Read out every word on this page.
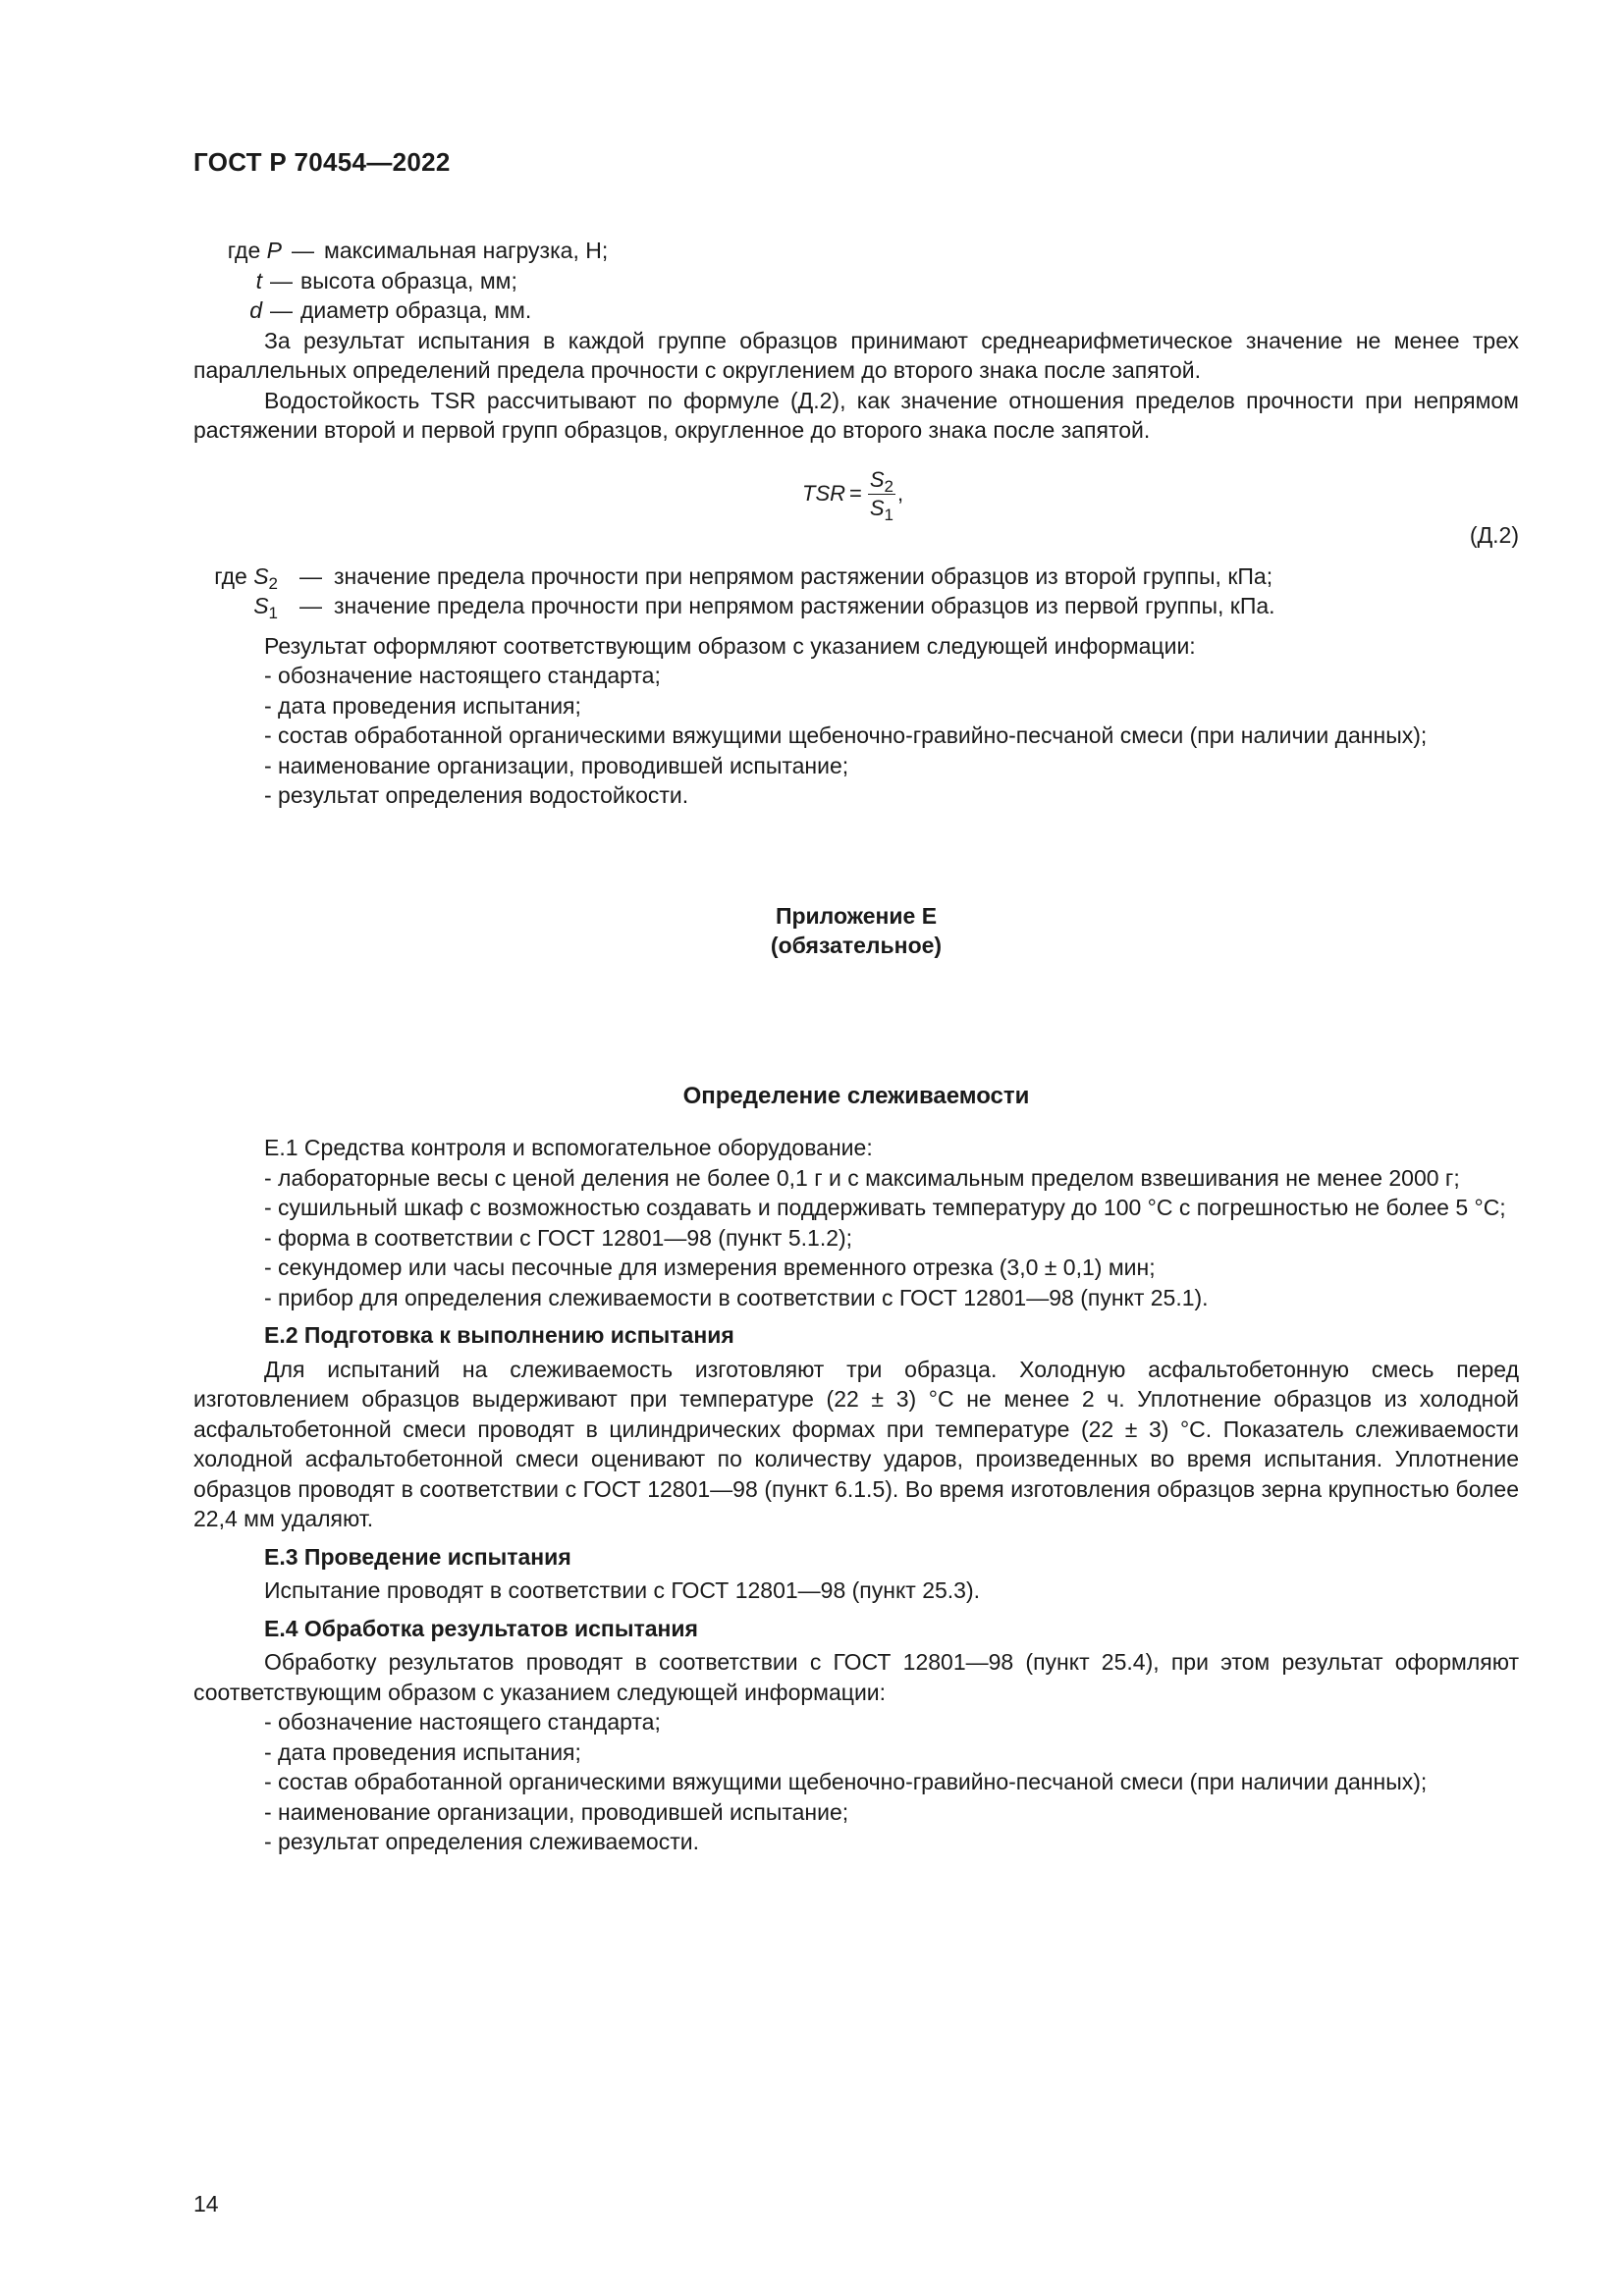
ГОСТ Р 70454—2022
где P — максимальная нагрузка, Н;
t — высота образца, мм;
d — диаметр образца, мм.

За результат испытания в каждой группе образцов принимают среднеарифметическое значение не менее трех параллельных определений предела прочности с округлением до второго знака после запятой.

Водостойкость TSR рассчитывают по формуле (Д.2), как значение отношения пределов прочности при непрямом растяжении второй и первой групп образцов, округленное до второго знака после запятой.

TSR = $\frac{S_2}{S_1}$ ,
(Д.2)
где $S_2$ — значение предела прочности при непрямом растяжении образцов из второй группы, кПа;
$S_1$ — значение предела прочности при непрямом растяжении образцов из первой группы, кПа.

Результат оформляют соответствующим образом с указанием следующей информации:

- обозначение настоящего стандарта;

- дата проведения испытания;

- состав обработанной органическими вяжущими щебеночно-гравийно-песчаной смеси (при наличии данных);

- наименование организации, проводившей испытание;

- результат определения водостойкости.

Приложение Е
(обязательное)
Определение слеживаемости

Е.1 Средства контроля и вспомогательное оборудование:

- лабораторные весы с ценой деления не более 0,1 г и с максимальным пределом взвешивания не менее 2000 г;

- сушильный шкаф с возможностью создавать и поддерживать температуру до 100 °С с погрешностью не более 5 °С;

- форма в соответствии с ГОСТ 12801—98 (пункт 5.1.2);

- секундомер или часы песочные для измерения временного отрезка (3,0 ± 0,1) мин;

- прибор для определения слеживаемости в соответствии с ГОСТ 12801—98 (пункт 25.1).

Е.2 Подготовка к выполнению испытания

Для испытаний на слеживаемость изготовляют три образца. Холодную асфальтобетонную смесь перед изготовлением образцов выдерживают при температуре (22 ± 3) °С не менее 2 ч. Уплотнение образцов из холодной асфальтобетонной смеси проводят в цилиндрических формах при температуре (22 ± 3) °С. Показатель слеживаемости холодной асфальтобетонной смеси оценивают по количеству ударов, произведенных во время испытания. Уплотнение образцов проводят в соответствии с ГОСТ 12801—98 (пункт 6.1.5). Во время изготовления образцов зерна крупностью более 22,4 мм удаляют.

Е.3 Проведение испытания

Испытание проводят в соответствии с ГОСТ 12801—98 (пункт 25.3).

Е.4 Обработка результатов испытания

Обработку результатов проводят в соответствии с ГОСТ 12801—98 (пункт 25.4), при этом результат оформляют соответствующим образом с указанием следующей информации:

- обозначение настоящего стандарта;

- дата проведения испытания;

- состав обработанной органическими вяжущими щебеночно-гравийно-песчаной смеси (при наличии данных);

- наименование организации, проводившей испытание;

- результат определения слеживаемости.

14
